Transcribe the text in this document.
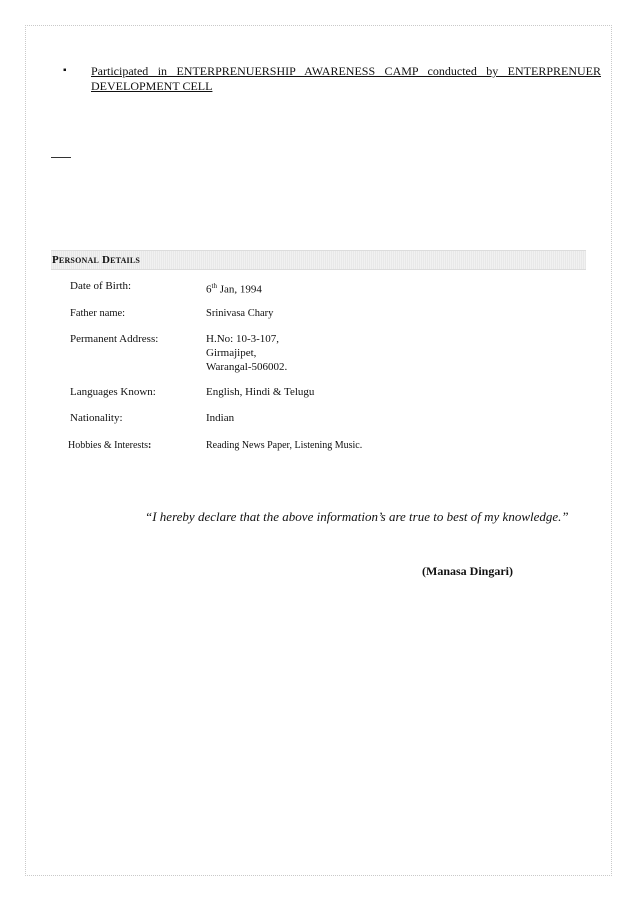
▪ Participated in ENTERPRENUERSHIP AWARENESS CAMP conducted by ENTERPRENUER
DEVELOPMENT CELL
Personal Details
Date of Birth:	6th Jan, 1994
Father name:	Srinivasa Chary
Permanent Address:	H.No: 10-3-107,
Girmajipet,
Warangal-506002.
Languages Known:	English, Hindi & Telugu
Nationality:	Indian
Hobbies & Interests:	Reading News Paper, Listening Music.
“I hereby declare that the above information’s are true to best of my knowledge.”
(Manasa Dingari)
